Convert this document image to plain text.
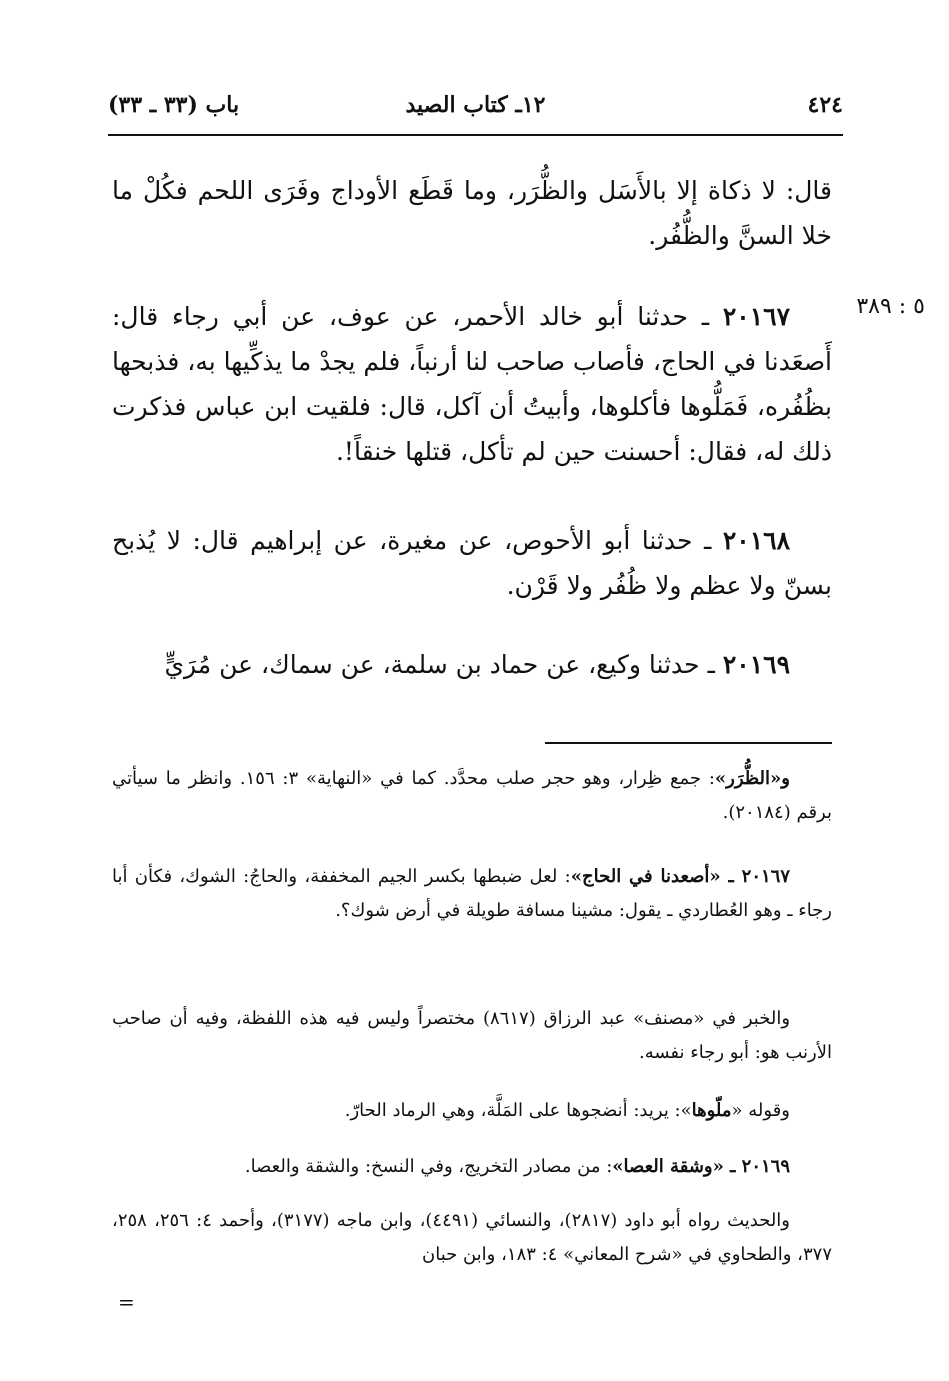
٤٢٤
١٢ـ كتاب الصيد
باب (٣٣ ـ ٣٣)
٥ : ٣٨٩

قال: لا ذكاة إلا بالأَسَل والظُّرَر، وما قَطَع الأوداج وفَرَى اللحم فكُلْ ما خلا السنَّ والظُّفُر.

٢٠١٦٧ ـ حدثنا أبو خالد الأحمر، عن عوف، عن أبي رجاء قال: أَصعَدنا في الحاج، فأصاب صاحب لنا أرنباً، فلم يجدْ ما يذكِّيها به، فذبحها بظُفُره، فَمَلُّوها فأكلوها، وأبيتُ أن آكل، قال: فلقيت ابن عباس فذكرت ذلك له، فقال: أحسنت حين لم تأكل، قتلها خنقاً!.

٢٠١٦٨ ـ حدثنا أبو الأحوص، عن مغيرة، عن إبراهيم قال: لا يُذبح بسنّ ولا عظم ولا ظُفُر ولا قَرْن.

٢٠١٦٩ ـ حدثنا وكيع، عن حماد بن سلمة، عن سماك، عن مُرَيٍّ

و«الظُّرَر»: جمع ظِرار، وهو حجر صلب محدَّد. كما في «النهاية» ٣: ١٥٦. وانظر ما سيأتي برقم (٢٠١٨٤).

٢٠١٦٧ ـ «أصعدنا في الحاج»: لعل ضبطها بكسر الجيم المخففة، والحاجُ: الشوك، فكأن أبا رجاء ـ وهو العُطاردي ـ يقول: مشينا مسافة طويلة في أرض شوك؟.

والخبر في «مصنف» عبد الرزاق (٨٦١٧) مختصراً وليس فيه هذه اللفظة، وفيه أن صاحب الأرنب هو: أبو رجاء نفسه.

وقوله «ملّوها»: يريد: أنضجوها على المَلَّة، وهي الرماد الحارّ.

٢٠١٦٩ ـ «وشقة العصا»: من مصادر التخريج، وفي النسخ: والشقة والعصا.

والحديث رواه أبو داود (٢٨١٧)، والنسائي (٤٤٩١)، وابن ماجه (٣١٧٧)، وأحمد ٤: ٢٥٦، ٢٥٨، ٣٧٧، والطحاوي في «شرح المعاني» ٤: ١٨٣، وابن حبان

=
